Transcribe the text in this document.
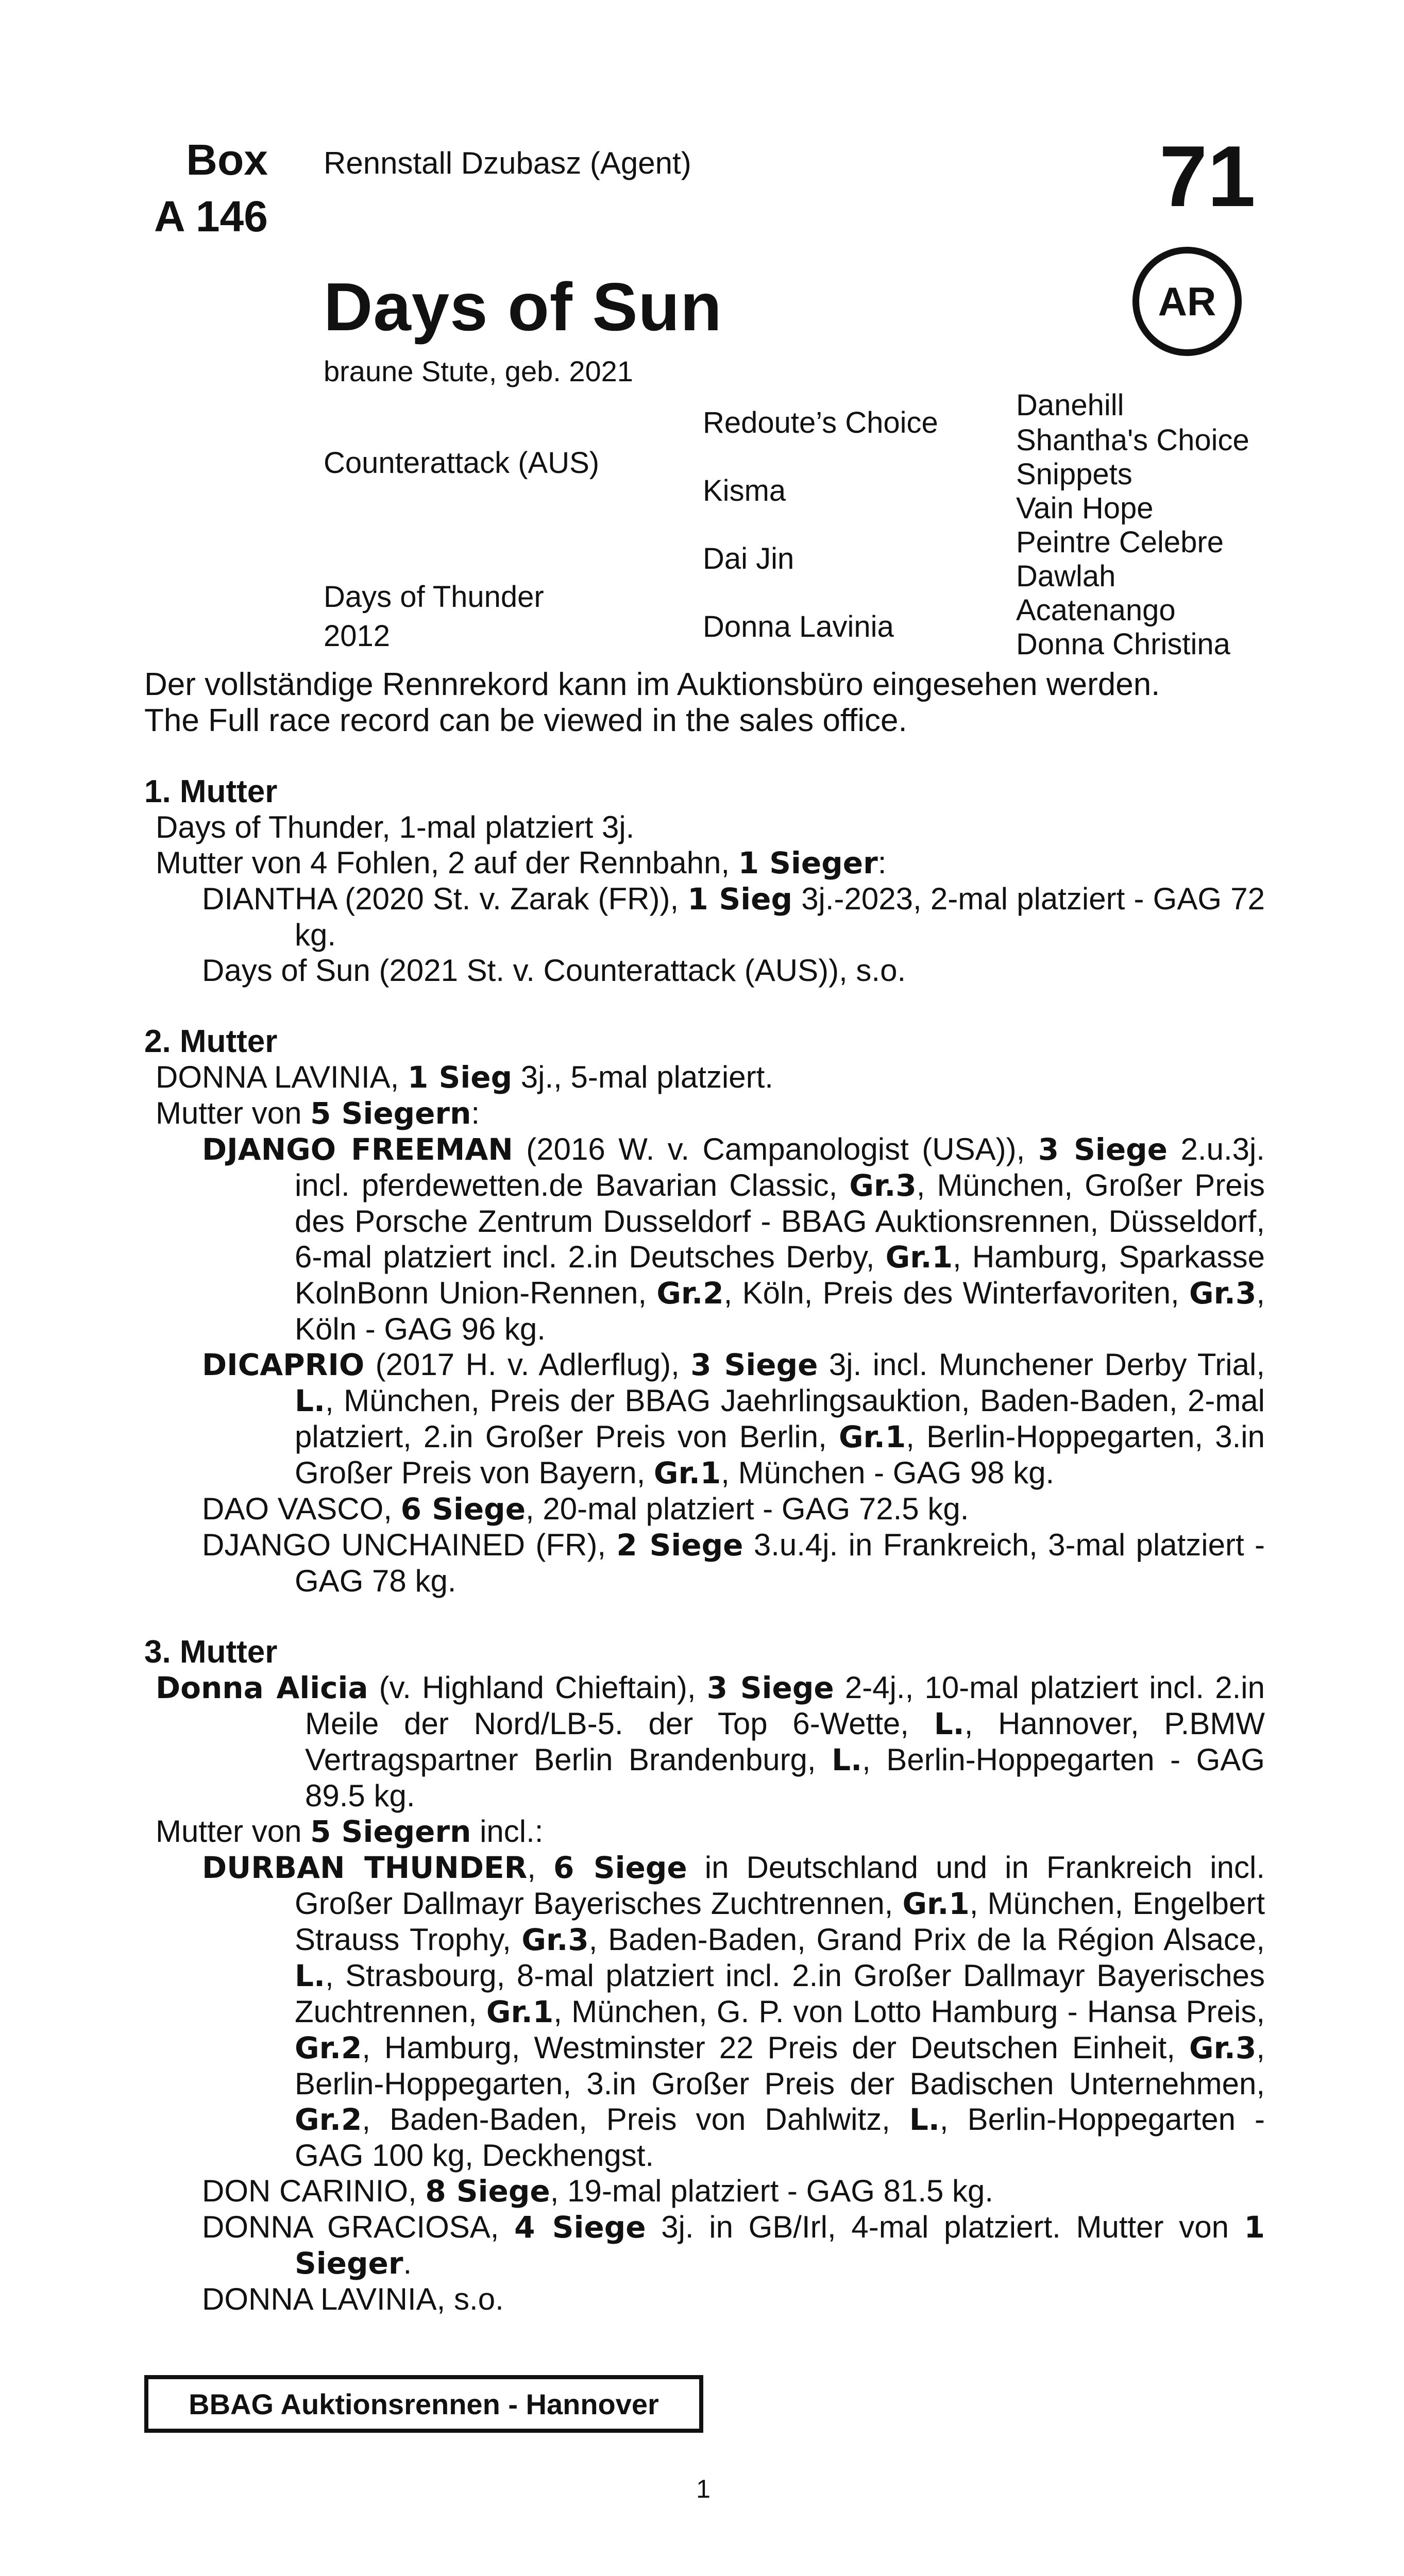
Box
A 146
Rennstall Dzubasz (Agent)	71
AR
Days of Sun
braune Stute, geb. 2021
Counterattack (AUS)
Days of Thunder
2012
Redoute’s Choice
Kisma
Dai Jin
Donna Lavinia
Danehill
Shantha's Choice
Snippets
Vain Hope
Peintre Celebre
Dawlah
Acatenango
Donna Christina

Der vollständige Rennrekord kann im Auktionsbüro eingesehen werden.

The Full race record can be viewed in the sales office.

1. Mutter

Days of Thunder, 1-mal platziert 3j.

Mutter von 4 Fohlen, 2 auf der Rennbahn, 1 Sieger:

DIANTHA (2020 St. v. Zarak (FR)), 1 Sieg 3j.-2023, 2-mal platziert - GAG 72 kg.

Days of Sun (2021 St. v. Counterattack (AUS)), s.o.

2. Mutter

DONNA LAVINIA, 1 Sieg 3j., 5-mal platziert.

Mutter von 5 Siegern:

DJANGO FREEMAN (2016 W. v. Campanologist (USA)), 3 Siege 2.u.3j. incl. pferdewetten.de Bavarian Classic, Gr.3, München, Großer Preis des Porsche Zentrum Dusseldorf - BBAG Auktionsrennen, Düsseldorf, 6-mal platziert incl. 2.in Deutsches Derby, Gr.1, Hamburg, Sparkasse KolnBonn Union-Rennen, Gr.2, Köln, Preis des Winterfavoriten, Gr.3, Köln - GAG 96 kg.

DICAPRIO (2017 H. v. Adlerflug), 3 Siege 3j. incl. Munchener Derby Trial, L., München, Preis der BBAG Jaehrlingsauktion, Baden-Baden, 2-mal platziert, 2.in Großer Preis von Berlin, Gr.1, Berlin-Hoppegarten, 3.in Großer Preis von Bayern, Gr.1, München - GAG 98 kg.

DAO VASCO, 6 Siege, 20-mal platziert - GAG 72.5 kg.

DJANGO UNCHAINED (FR), 2 Siege 3.u.4j. in Frankreich, 3-mal platziert - GAG 78 kg.

3. Mutter

Donna Alicia (v. Highland Chieftain), 3 Siege 2-4j., 10-mal platziert incl. 2.in Meile der Nord/LB-5. der Top 6-Wette, L., Hannover, P.BMW Vertragspartner Berlin Brandenburg, L., Berlin-Hoppegarten - GAG 89.5 kg.

Mutter von 5 Siegern incl.:

DURBAN THUNDER, 6 Siege in Deutschland und in Frankreich incl. Großer Dallmayr Bayerisches Zuchtrennen, Gr.1, München, Engelbert Strauss Trophy, Gr.3, Baden-Baden, Grand Prix de la Région Alsace, L., Strasbourg, 8-mal platziert incl. 2.in Großer Dallmayr Bayerisches Zuchtrennen, Gr.1, München, G. P. von Lotto Hamburg - Hansa Preis, Gr.2, Hamburg, Westminster 22 Preis der Deutschen Einheit, Gr.3, Berlin-Hoppegarten, 3.in Großer Preis der Badischen Unternehmen, Gr.2, Baden-Baden, Preis von Dahlwitz, L., Berlin-Hoppegarten - GAG 100 kg, Deckhengst.

DON CARINIO, 8 Siege, 19-mal platziert - GAG 81.5 kg.

DONNA GRACIOSA, 4 Siege 3j. in GB/Irl, 4-mal platziert. Mutter von 1 Sieger.

DONNA LAVINIA, s.o.

BBAG Auktionsrennen - Hannover
1
